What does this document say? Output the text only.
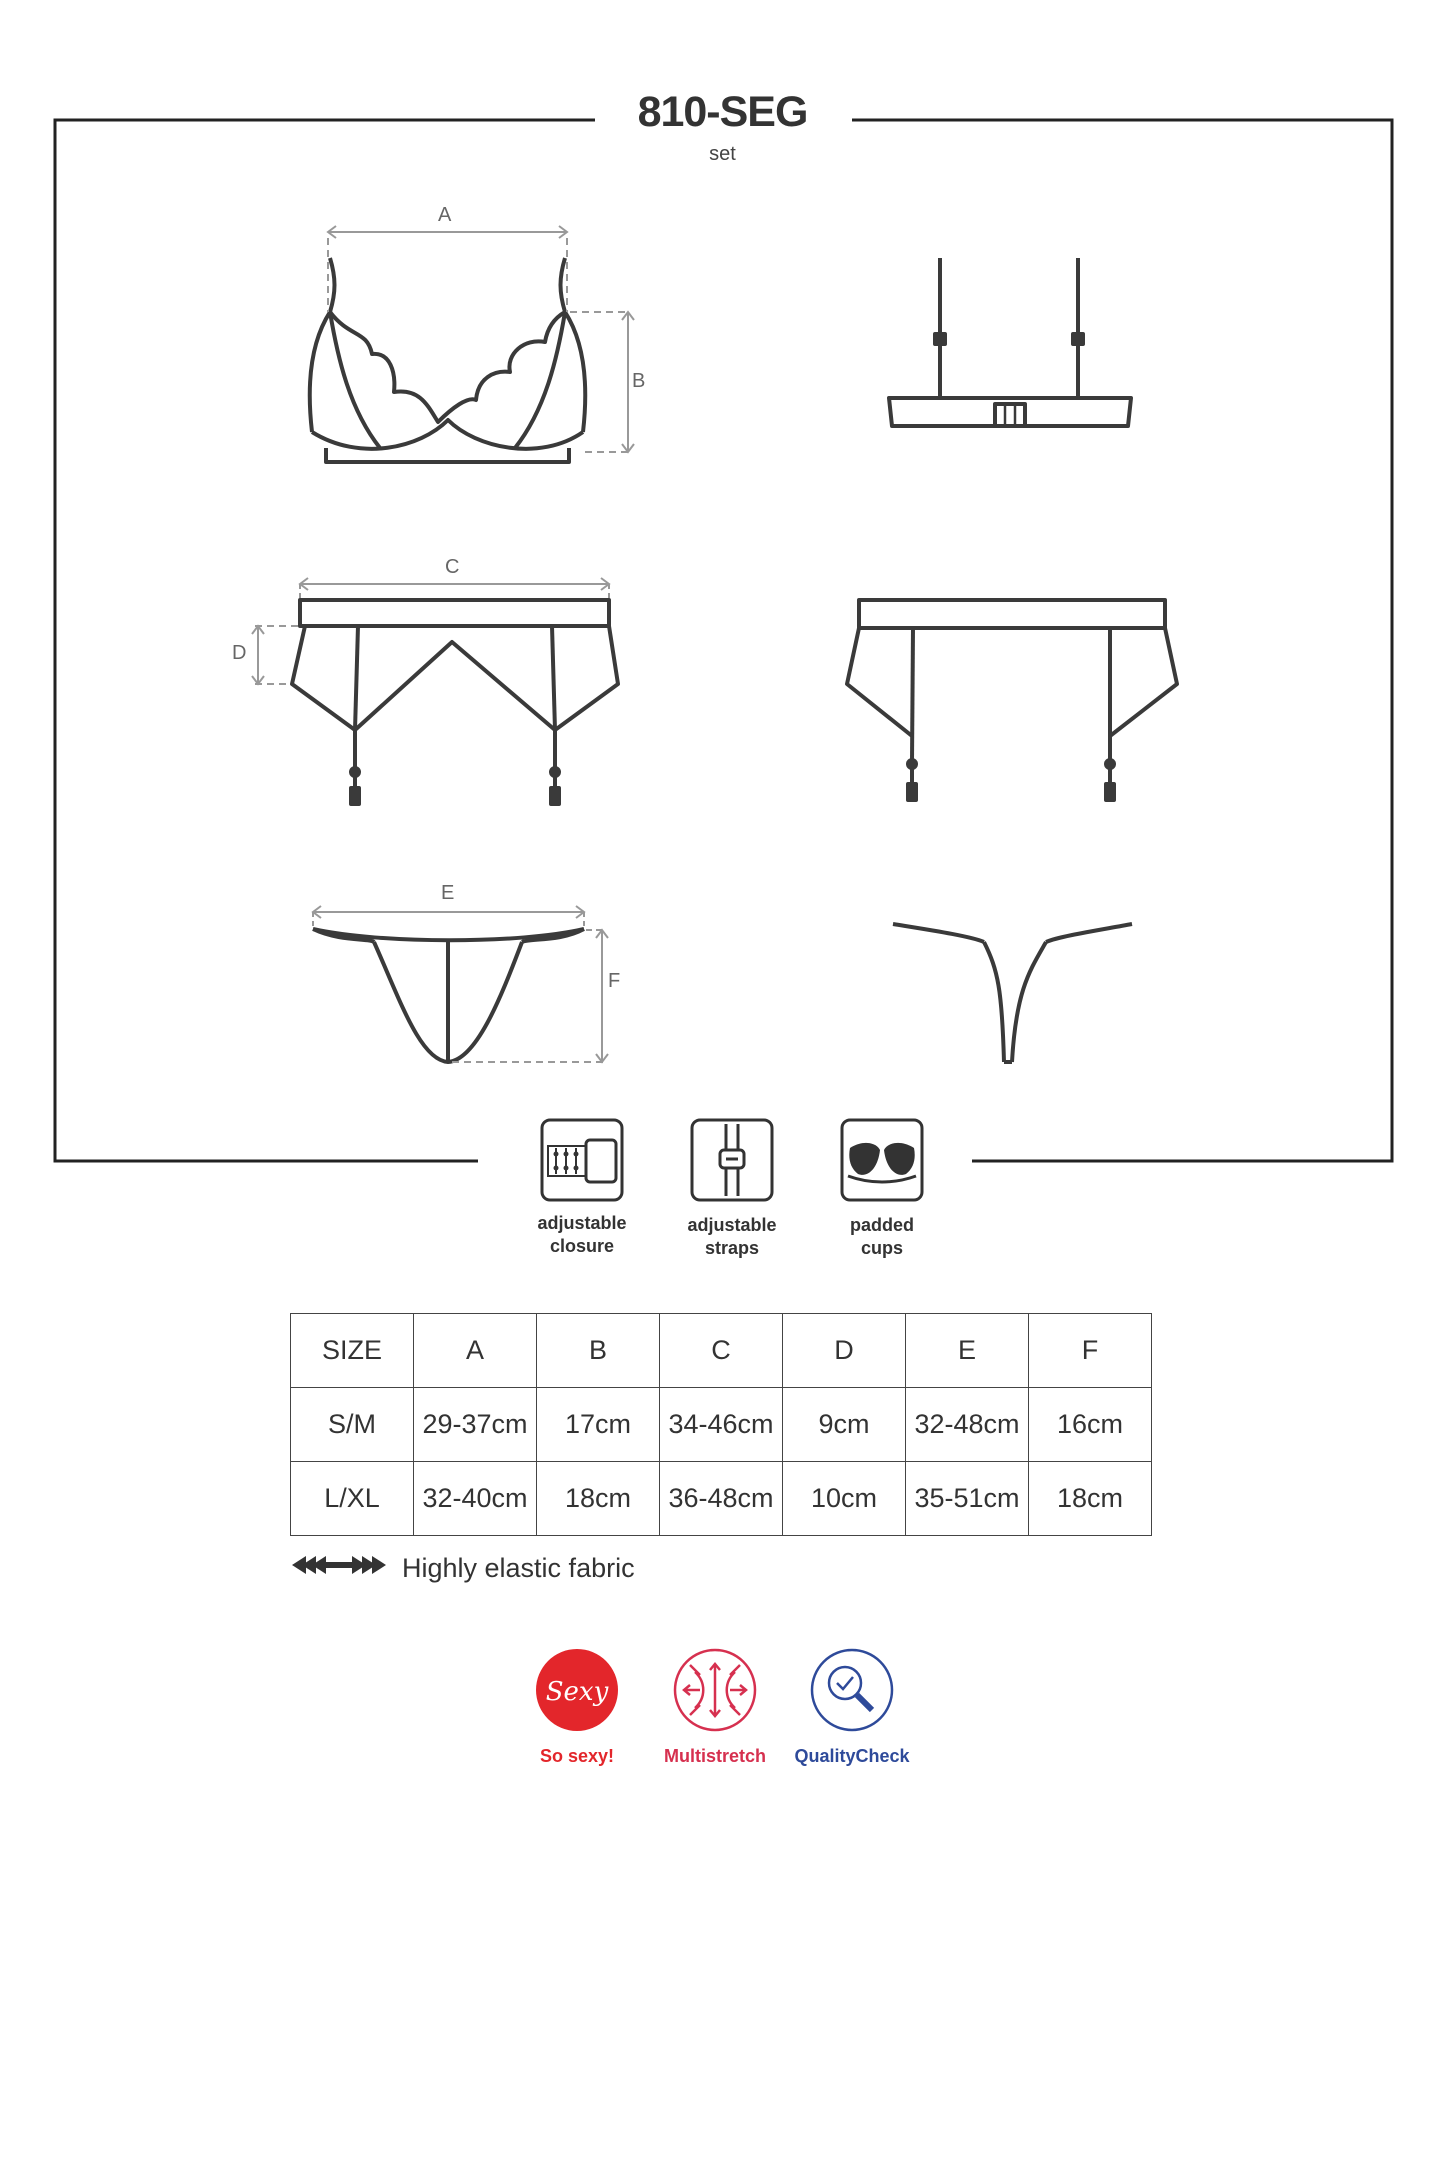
Sexy
810-SEG
set
A
B
C
D
E
F
adjustable
closure
adjustable
straps
padded
cups
SIZE	A	B	C	D	E	F
S/M	29-37cm	17cm	34-46cm	9cm	32-48cm	16cm
L/XL	32-40cm	18cm	36-48cm	10cm	35-51cm	18cm
Highly elastic fabric
So sexy!	Multistretch	QualityCheck
